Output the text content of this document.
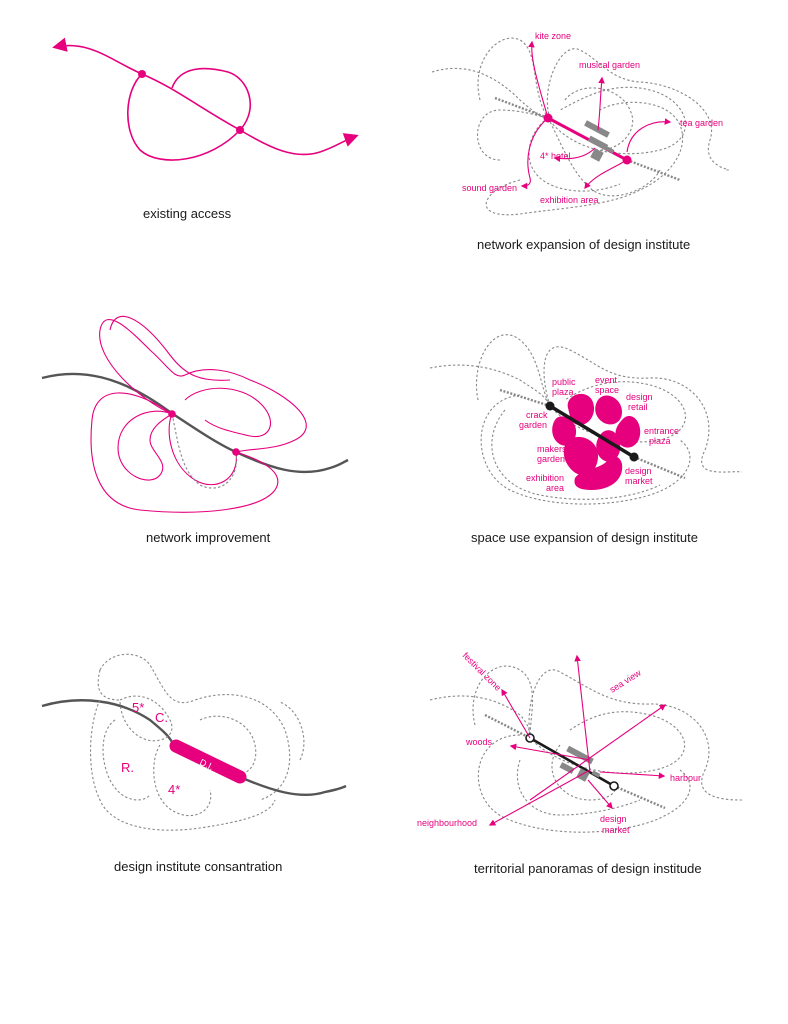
existing access
kite zone
musical garden
tea garden
4* hotel
sound garden
exhibition area
network expansion of design institute
network improvement
public
plaza
event
space
design
retail
crack
garden
entrance
plaza
makers
garden
exhibition
area
design
market
space use expansion of design institute
D.I.
5*
C.
R.
4*
design institute consantration
festival zone	sea view
woods
harbour
neighbourhood	design
market
territorial panoramas of design institude
